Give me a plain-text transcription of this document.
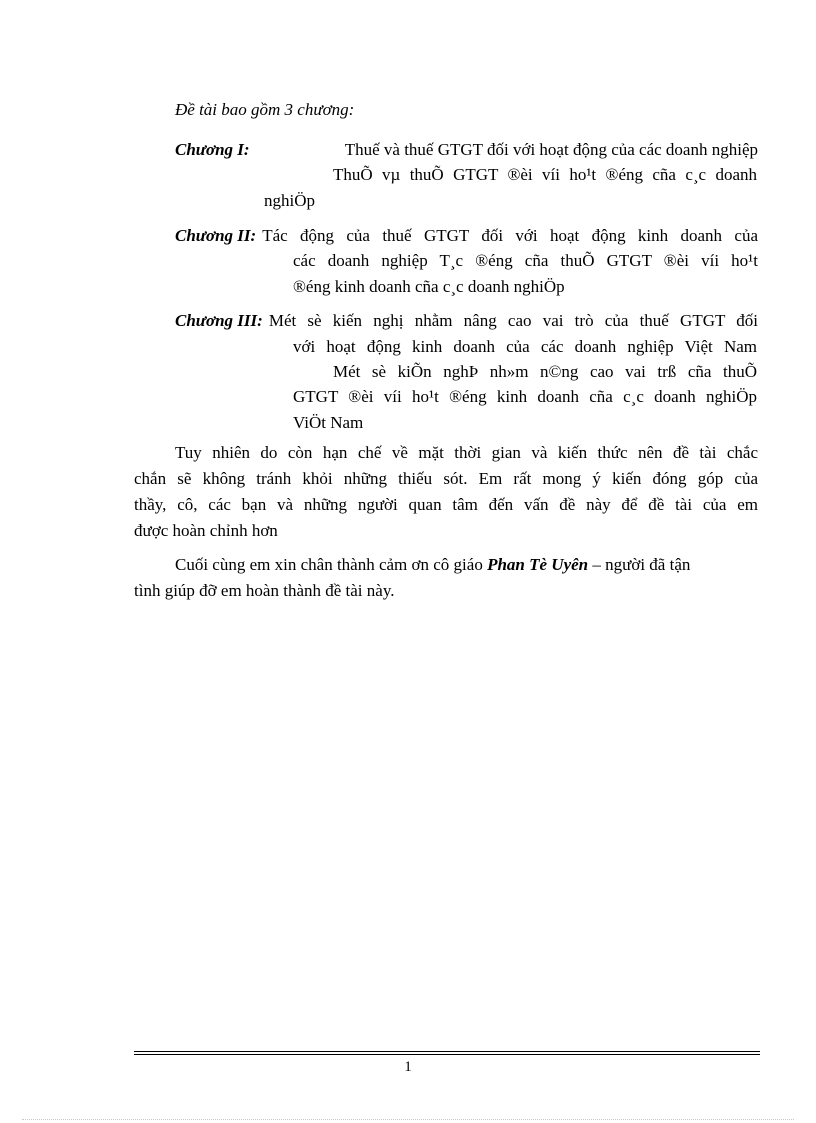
Đề tài bao gồm 3 chương:
Chương I:	Thuế và thuế GTGT đối với hoạt động của các doanh nghiệp
ThuÕ vµ thuÕ GTGT ®èi víi ho¹t ®éng cña c¸c doanh
nghiÖp
Chương II: Tác động của thuế GTGT đối với hoạt động kinh doanh của
các doanh nghiệp T¸c ®éng cña thuÕ GTGT ®èi víi ho¹t
®éng kinh doanh cña c¸c doanh nghiÖp
Chương III: Mét sè kiến nghị nhằm nâng cao vai trò của thuế GTGT đối
với hoạt động kinh doanh của các doanh nghiệp Việt Nam
Mét sè kiÕn nghÞ nh»m n©ng cao vai trß cña thuÕ
GTGT ®èi víi ho¹t ®éng kinh doanh cña c¸c doanh nghiÖp
ViÖt Nam
Tuy nhiên do còn hạn chế về mặt thời gian và kiến thức nên đề tài chắc
chắn sẽ không tránh khỏi những thiếu sót. Em rất mong ý kiến đóng góp của
thầy, cô, các bạn và những người quan tâm đến vấn đề này để đề tài của em
được hoàn chỉnh hơn
Cuối cùng em xin chân thành cảm ơn cô giáo Phan Tè Uyên – người đã tận
tình giúp đỡ em hoàn thành đề tài này.
1
